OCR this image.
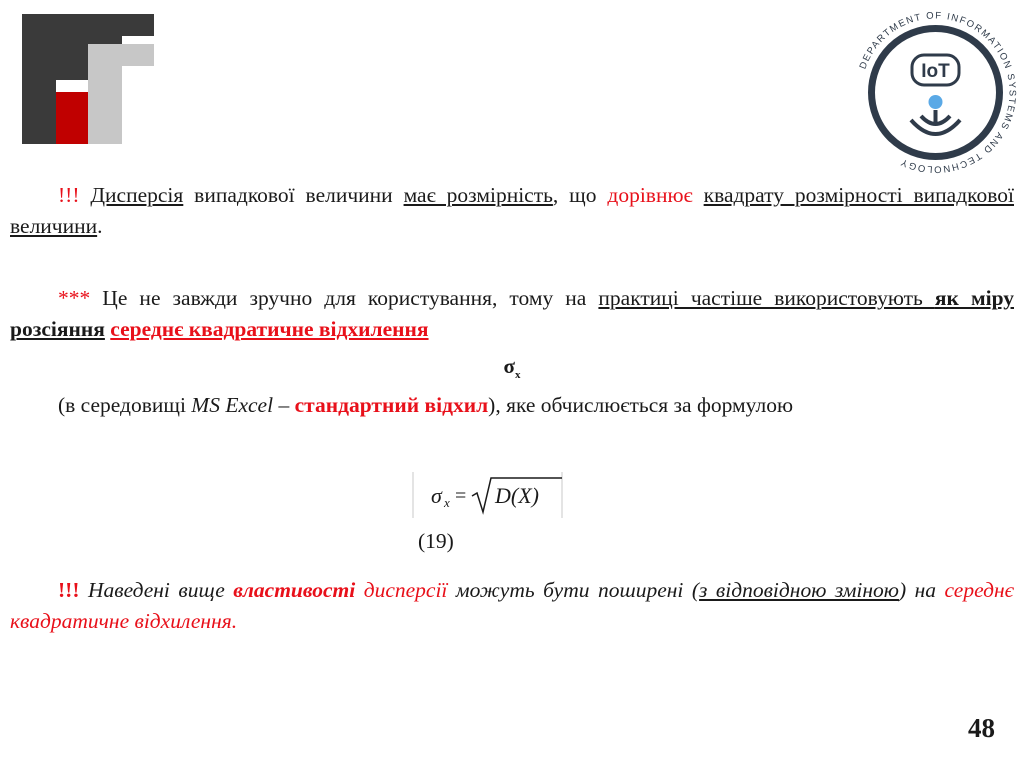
DEPARTMENT OF INFORMATION SYSTEMS AND TECHNOLOGY
IoT

!!! Дисперсія випадкової величини має розмірність, що дорівнює квадрату розмірності випадкової величини.

*** Це не завжди зручно для користування, тому на практиці частіше використовують як міру розсіяння середнє квадратичне відхилення

$\sigma_x$

(в середовищі MS Excel – стандартний відхил), яке обчислюється за формулою

σ x = D(X)

(19)

!!! Наведені вище властивості дисперсії можуть бути поширені (з відповідною зміною) на середнє квадратичне відхилення.

48
